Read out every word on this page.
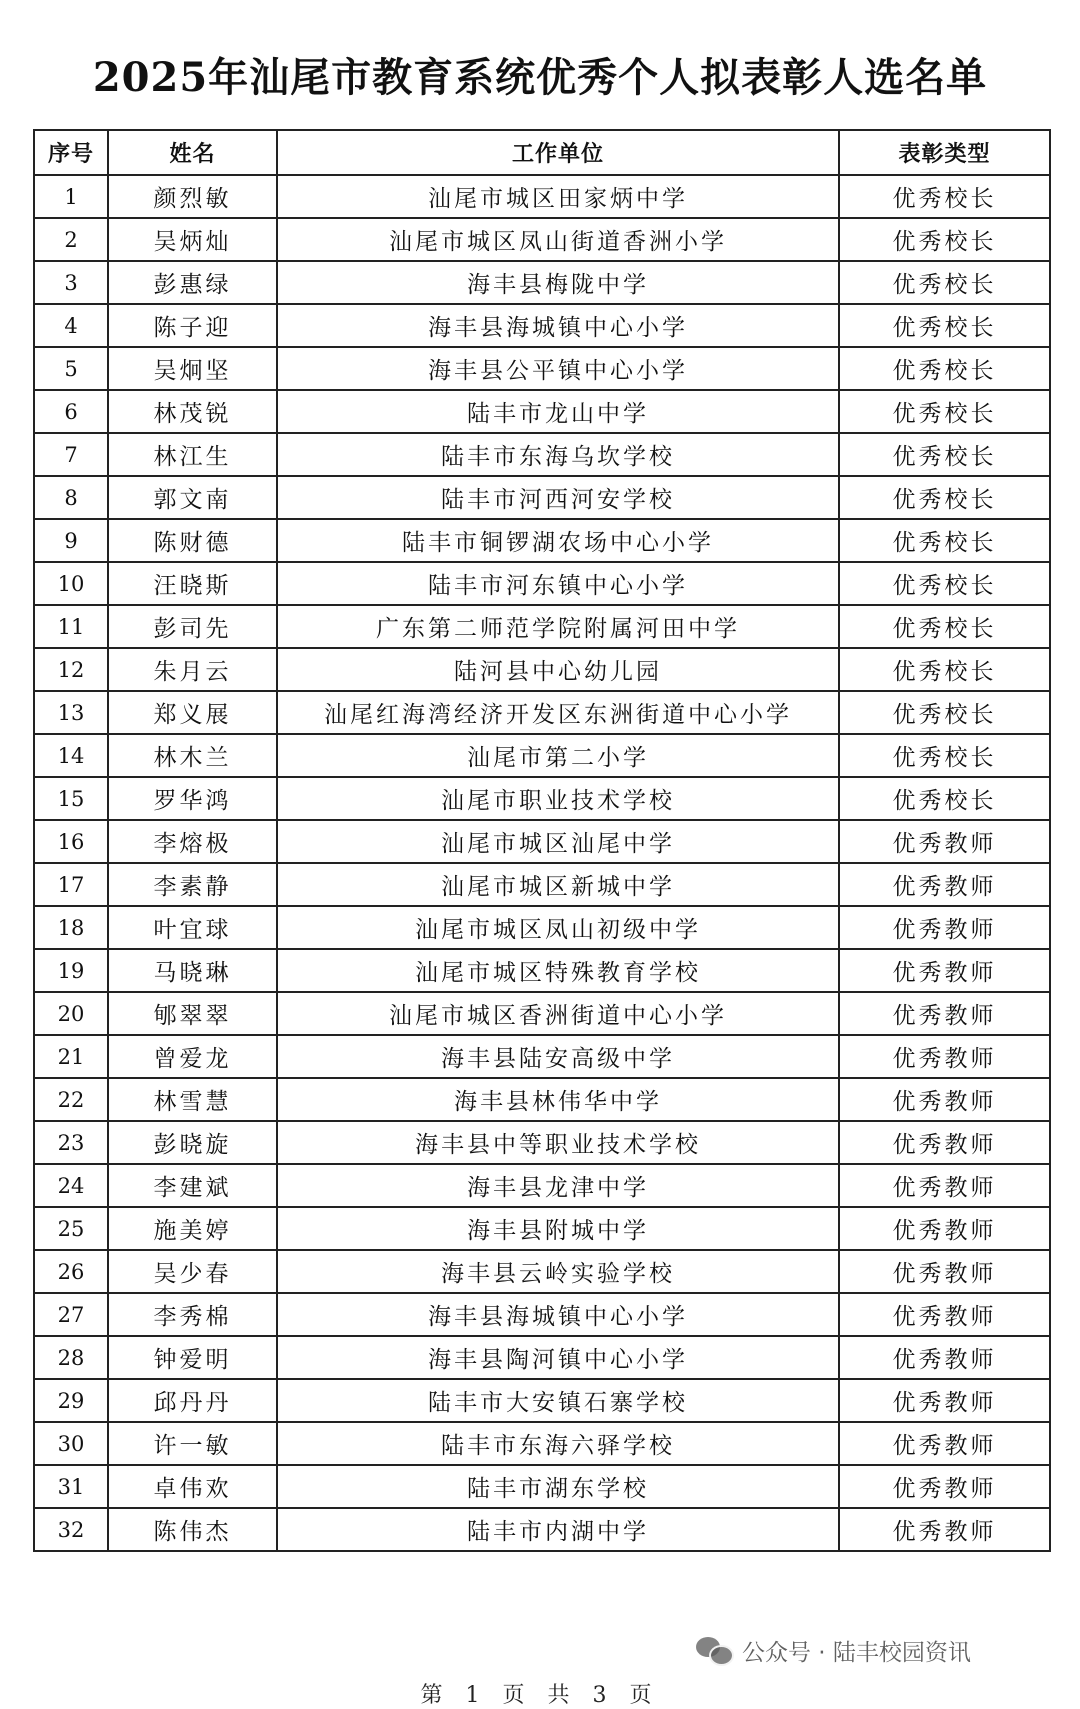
2025年汕尾市教育系统优秀个人拟表彰人选名单
序号	姓名	工作单位	表彰类型
1	颜烈敏	汕尾市城区田家炳中学	优秀校长
2	吴炳灿	汕尾市城区凤山街道香洲小学	优秀校长
3	彭惠绿	海丰县梅陇中学	优秀校长
4	陈子迎	海丰县海城镇中心小学	优秀校长
5	吴炯坚	海丰县公平镇中心小学	优秀校长
6	林茂锐	陆丰市龙山中学	优秀校长
7	林江生	陆丰市东海乌坎学校	优秀校长
8	郭文南	陆丰市河西河安学校	优秀校长
9	陈财德	陆丰市铜锣湖农场中心小学	优秀校长
10	汪晓斯	陆丰市河东镇中心小学	优秀校长
11	彭司先	广东第二师范学院附属河田中学	优秀校长
12	朱月云	陆河县中心幼儿园	优秀校长
13	郑义展	汕尾红海湾经济开发区东洲街道中心小学	优秀校长
14	林木兰	汕尾市第二小学	优秀校长
15	罗华鸿	汕尾市职业技术学校	优秀校长
16	李熔极	汕尾市城区汕尾中学	优秀教师
17	李素静	汕尾市城区新城中学	优秀教师
18	叶宜球	汕尾市城区凤山初级中学	优秀教师
19	马晓琳	汕尾市城区特殊教育学校	优秀教师
20	郇翠翠	汕尾市城区香洲街道中心小学	优秀教师
21	曾爱龙	海丰县陆安高级中学	优秀教师
22	林雪慧	海丰县林伟华中学	优秀教师
23	彭晓旋	海丰县中等职业技术学校	优秀教师
24	李建斌	海丰县龙津中学	优秀教师
25	施美婷	海丰县附城中学	优秀教师
26	吴少春	海丰县云岭实验学校	优秀教师
27	李秀棉	海丰县海城镇中心小学	优秀教师
28	钟爱明	海丰县陶河镇中心小学	优秀教师
29	邱丹丹	陆丰市大安镇石寨学校	优秀教师
30	许一敏	陆丰市东海六驿学校	优秀教师
31	卓伟欢	陆丰市湖东学校	优秀教师
32	陈伟杰	陆丰市内湖中学	优秀教师
公众号 · 陆丰校园资讯
第 1 页 共 3 页
